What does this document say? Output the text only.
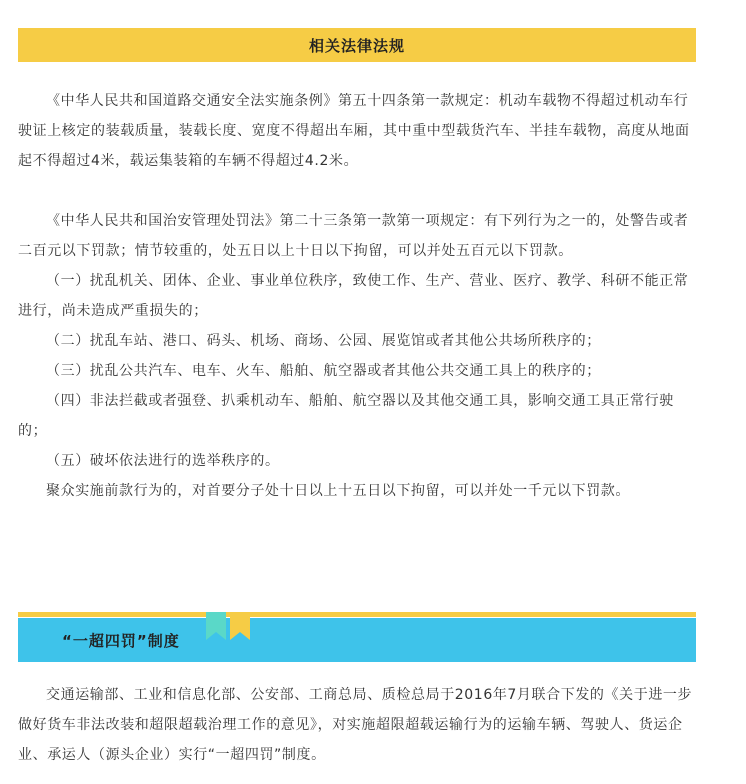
相关法律法规

《中华人民共和国道路交通安全法实施条例》第五十四条第一款规定：机动车载物不得超过机动车行驶证上核定的装载质量，装载长度、宽度不得超出车厢，其中重中型载货汽车、半挂车载物，高度从地面起不得超过4米，载运集装箱的车辆不得超过4.2米。

《中华人民共和国治安管理处罚法》第二十三条第一款第一项规定：有下列行为之一的，处警告或者二百元以下罚款；情节较重的，处五日以上十日以下拘留，可以并处五百元以下罚款。

（一）扰乱机关、团体、企业、事业单位秩序，致使工作、生产、营业、医疗、教学、科研不能正常进行，尚未造成严重损失的；

（二）扰乱车站、港口、码头、机场、商场、公园、展览馆或者其他公共场所秩序的；

（三）扰乱公共汽车、电车、火车、船舶、航空器或者其他公共交通工具上的秩序的；

（四）非法拦截或者强登、扒乘机动车、船舶、航空器以及其他交通工具，影响交通工具正常行驶的；

（五）破坏依法进行的选举秩序的。

聚众实施前款行为的，对首要分子处十日以上十五日以下拘留，可以并处一千元以下罚款。

“一超四罚”制度

交通运输部、工业和信息化部、公安部、工商总局、质检总局于2016年7月联合下发的《关于进一步做好货车非法改装和超限超载治理工作的意见》，对实施超限超载运输行为的运输车辆、驾驶人、货运企业、承运人（源头企业）实行“一超四罚”制度。
